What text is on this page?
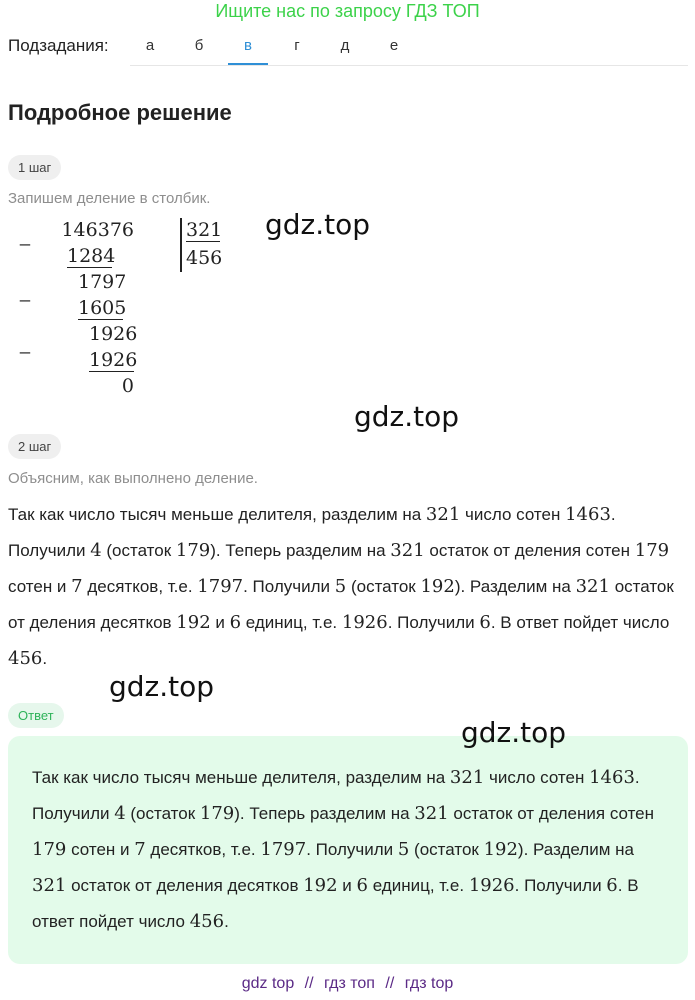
Ищите нас по запросу ГДЗ ТОП
Подзадания:	а	б	в	г	д	е
Подробное решение
1 шаг
Запишем деление в столбик.
_ 146376
1284
321
456
_	1797
1605
_	1926
1926
0
gdz.top
gdz.top
2 шаг
Объясним, как выполнено деление.
Так как число тысяч меньше делителя, разделим на 321 число сотен 1463. Получили 4 (остаток 179). Теперь разделим на 321 остаток от деления сотен 179 сотен и 7 десятков, т.е. 1797. Получили 5 (остаток 192). Разделим на 321 остаток от деления десятков 192 и 6 единиц, т.е. 1926. Получили 6. В ответ пойдет число 456.
gdz.top
Ответ
Так как число тысяч меньше делителя, разделим на 321 число сотен 1463. Получили 4 (остаток 179). Теперь разделим на 321 остаток от деления сотен 179 сотен и 7 десятков, т.е. 1797. Получили 5 (остаток 192). Разделим на 321 остаток от деления десятков 192 и 6 единиц, т.е. 1926. Получили 6. В ответ пойдет число 456.
gdz.top
gdz top // гдз топ // гдз top
